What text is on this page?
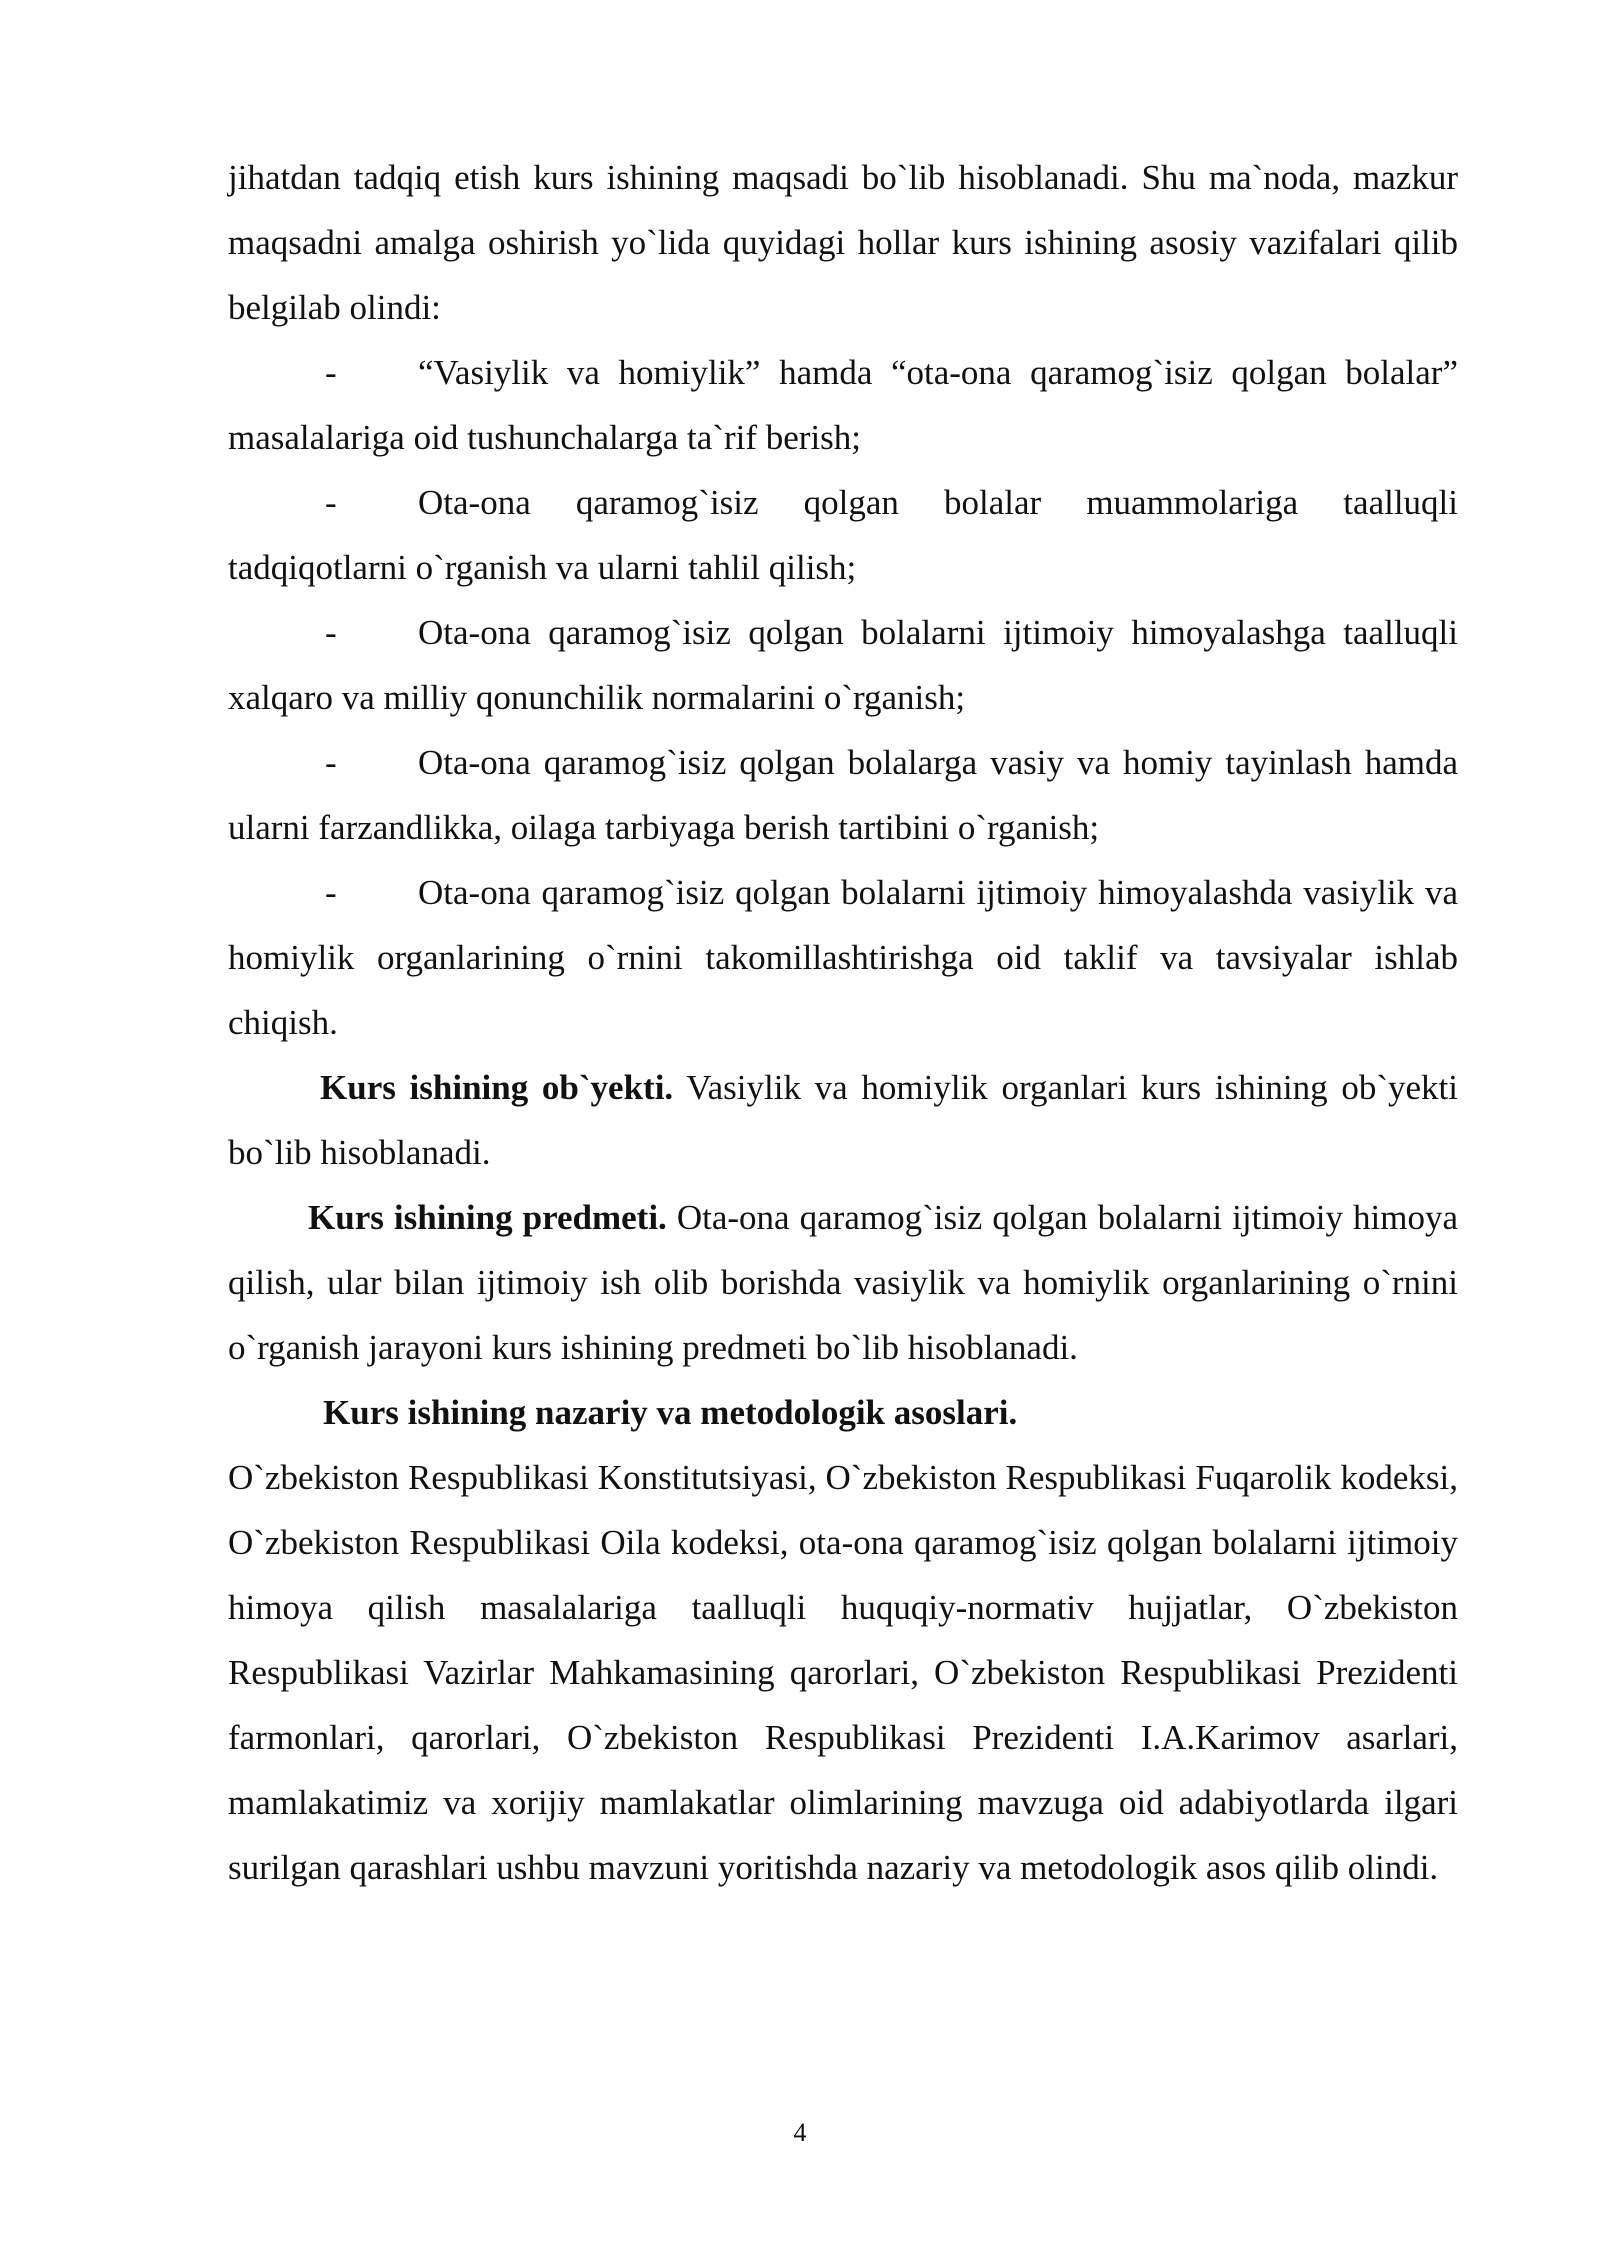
jihatdan tadqiq etish kurs ishining maqsadi bo`lib hisoblanadi. Shu ma`noda, mazkur maqsadni amalga oshirish yo`lida quyidagi hollar kurs ishining asosiy vazifalari qilib belgilab olindi:

- “Vasiylik va homiylik” hamda “ota-ona qaramog`isiz qolgan bolalar” masalalariga oid tushunchalarga ta`rif berish;

- Ota-ona qaramog`isiz qolgan bolalar muammolariga taalluqli tadqiqotlarni o`rganish va ularni tahlil qilish;

- Ota-ona qaramog`isiz qolgan bolalarni ijtimoiy himoyalashga taalluqli xalqaro va milliy qonunchilik normalarini o`rganish;

- Ota-ona qaramog`isiz qolgan bolalarga vasiy va homiy tayinlash hamda ularni farzandlikka, oilaga tarbiyaga berish tartibini o`rganish;

- Ota-ona qaramog`isiz qolgan bolalarni ijtimoiy himoyalashda vasiylik va homiylik organlarining o`rnini takomillashtirishga oid taklif va tavsiyalar ishlab chiqish.

Kurs ishining ob`yekti. Vasiylik va homiylik organlari kurs ishining ob`yekti bo`lib hisoblanadi.

Kurs ishining predmeti. Ota-ona qaramog`isiz qolgan bolalarni ijtimoiy himoya qilish, ular bilan ijtimoiy ish olib borishda vasiylik va homiylik organlarining o`rnini o`rganish jarayoni kurs ishining predmeti bo`lib hisoblanadi.

Kurs ishining nazariy va metodologik asoslari.

O`zbekiston Respublikasi Konstitutsiyasi, O`zbekiston Respublikasi Fuqarolik kodeksi, O`zbekiston Respublikasi Oila kodeksi, ota-ona qaramog`isiz qolgan bolalarni ijtimoiy himoya qilish masalalariga taalluqli huquqiy-normativ hujjatlar, O`zbekiston Respublikasi Vazirlar Mahkamasining qarorlari, O`zbekiston Respublikasi Prezidenti farmonlari, qarorlari, O`zbekiston Respublikasi Prezidenti I.A.Karimov asarlari, mamlakatimiz va xorijiy mamlakatlar olimlarining mavzuga oid adabiyotlarda ilgari surilgan qarashlari ushbu mavzuni yoritishda nazariy va metodologik asos qilib olindi.

4
